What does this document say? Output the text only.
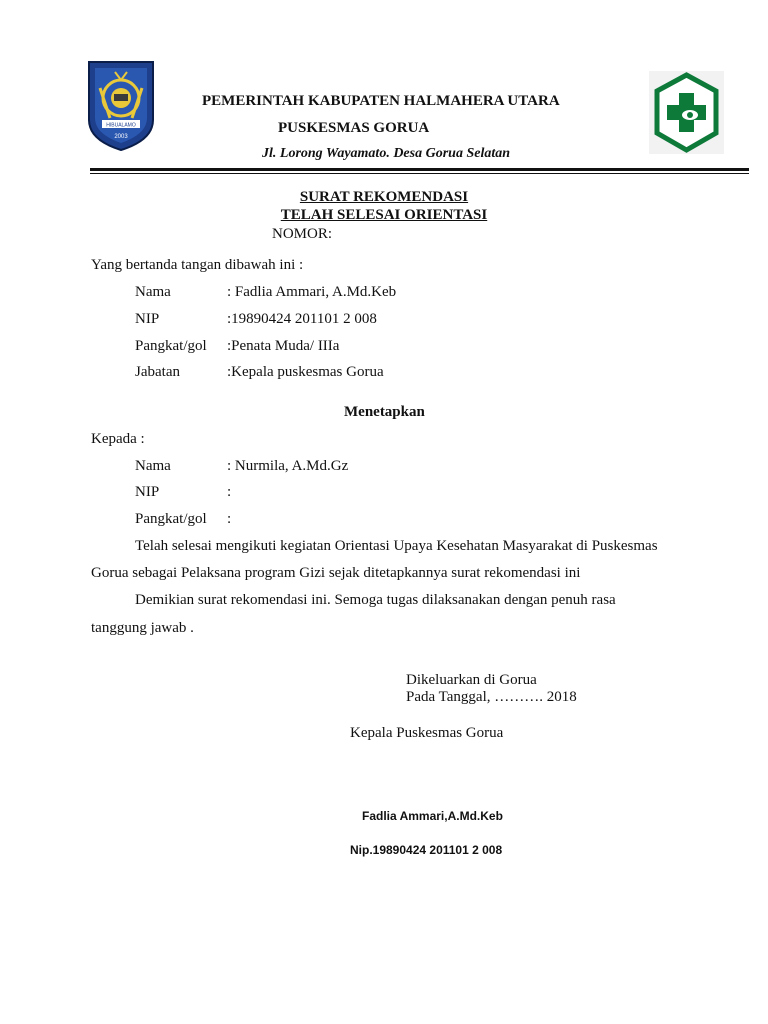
HIBUALAMO
2003
PEMERINTAH KABUPATEN HALMAHERA UTARA
PUSKESMAS GORUA
Jl. Lorong Wayamato. Desa Gorua Selatan
SURAT REKOMENDASI
TELAH SELESAI ORIENTASI
NOMOR:
Yang bertanda tangan dibawah ini :
Nama	: Fadlia Ammari, A.Md.Keb
NIP	:19890424 201101 2 008
Pangkat/gol :Penata Muda/ IIIa
Jabatan	:Kepala puskesmas Gorua
Menetapkan
Kepada :
Nama	: Nurmila, A.Md.Gz
NIP	:
Pangkat/gol :
Telah selesai mengikuti kegiatan Orientasi Upaya Kesehatan Masyarakat di Puskesmas
Gorua sebagai Pelaksana program Gizi sejak ditetapkannya surat rekomendasi ini
Demikian surat rekomendasi ini. Semoga tugas dilaksanakan dengan penuh rasa
tanggung jawab .
Dikeluarkan di Gorua
Pada Tanggal, ………. 2018
Kepala Puskesmas Gorua
Fadlia Ammari,A.Md.Keb
Nip.19890424 201101 2 008
